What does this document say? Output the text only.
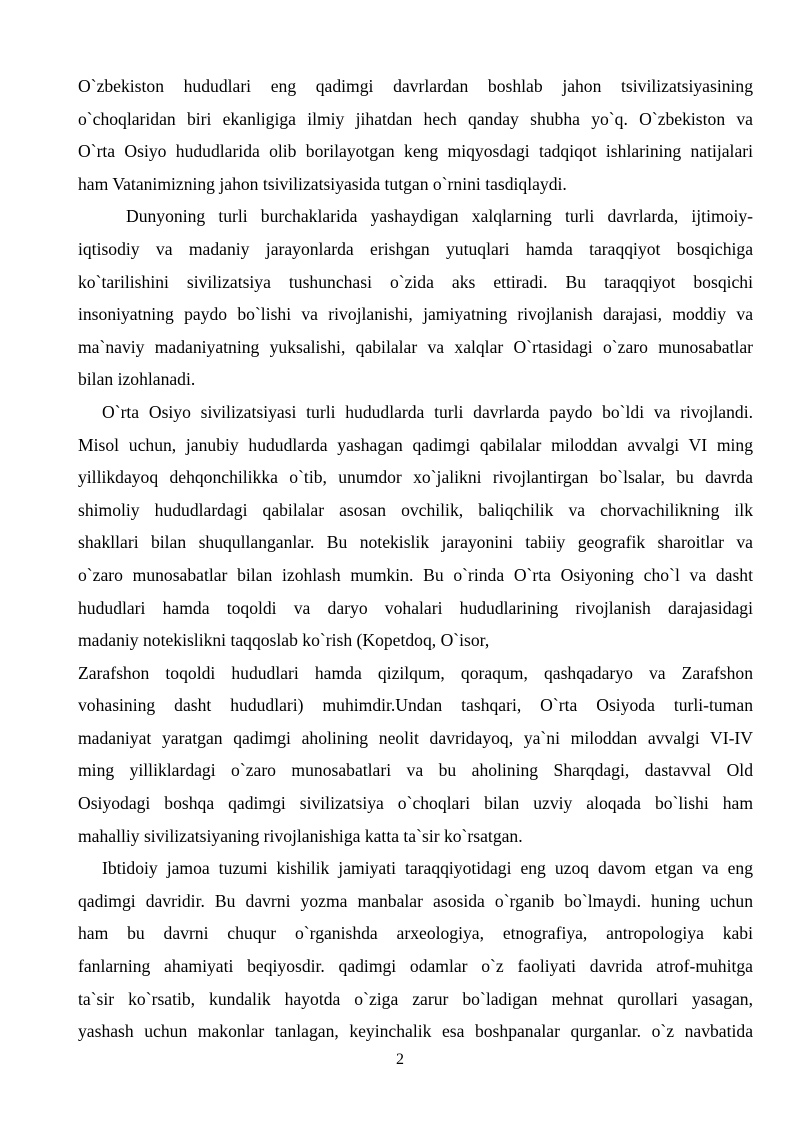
O`zbekiston hududlari eng qadimgi davrlardan boshlab jahon tsivilizatsiyasining
o`choqlaridan biri ekanligiga ilmiy jihatdan hech qanday shubha yo`q. O`zbekiston va
O`rta Osiyo hududlarida olib borilayotgan keng miqyosdagi tadqiqot ishlarining natijalari
ham Vatanimizning jahon tsivilizatsiyasida tutgan o`rnini tasdiqlaydi.
Dunyoning turli burchaklarida yashaydigan xalqlarning turli davrlarda, ijtimoiy-
iqtisodiy va madaniy jarayonlarda erishgan yutuqlari hamda taraqqiyot bosqichiga
ko`tarilishini sivilizatsiya tushunchasi o`zida aks ettiradi. Bu taraqqiyot bosqichi
insoniyatning paydo bo`lishi va rivojlanishi, jamiyatning rivojlanish darajasi, moddiy va
ma`naviy madaniyatning yuksalishi, qabilalar va xalqlar O`rtasidagi o`zaro munosabatlar
bilan izohlanadi.
O`rta Osiyo sivilizatsiyasi turli hududlarda turli davrlarda paydo bo`ldi va rivojlandi.
Misol uchun, janubiy hududlarda yashagan qadimgi qabilalar miloddan avvalgi VI ming
yillikdayoq dehqonchilikka o`tib, unumdor xo`jalikni rivojlantirgan bo`lsalar, bu davrda
shimoliy hududlardagi qabilalar asosan ovchilik, baliqchilik va chorvachilikning ilk
shakllari bilan shuqullanganlar. Bu notekislik jarayonini tabiiy geografik sharoitlar va
o`zaro munosabatlar bilan izohlash mumkin. Bu o`rinda O`rta Osiyoning cho`l va dasht
hududlari hamda toqoldi va daryo vohalari hududlarining rivojlanish darajasidagi
madaniy notekislikni taqqoslab ko`rish (Kopetdoq, O`isor,
Zarafshon toqoldi hududlari hamda qizilqum, qoraqum, qashqadaryo va Zarafshon
vohasining dasht hududlari) muhimdir.Undan tashqari, O`rta Osiyoda turli-tuman
madaniyat yaratgan qadimgi aholining neolit davridayoq, ya`ni miloddan avvalgi VI-IV
ming yilliklardagi o`zaro munosabatlari va bu aholining Sharqdagi, dastavval Old
Osiyodagi boshqa qadimgi sivilizatsiya o`choqlari bilan uzviy aloqada bo`lishi ham
mahalliy sivilizatsiyaning rivojlanishiga katta ta`sir ko`rsatgan.
Ibtidoiy jamoa tuzumi kishilik jamiyati taraqqiyotidagi eng uzoq davom etgan va eng
qadimgi davridir. Bu davrni yozma manbalar asosida o`rganib bo`lmaydi. huning uchun
ham bu davrni chuqur o`rganishda arxeologiya, etnografiya, antropologiya kabi
fanlarning ahamiyati beqiyosdir. qadimgi odamlar o`z faoliyati davrida atrof-muhitga
ta`sir ko`rsatib, kundalik hayotda o`ziga zarur bo`ladigan mehnat qurollari yasagan,
yashash uchun makonlar tanlagan, keyinchalik esa boshpanalar qurganlar. o`z navbatida
2
